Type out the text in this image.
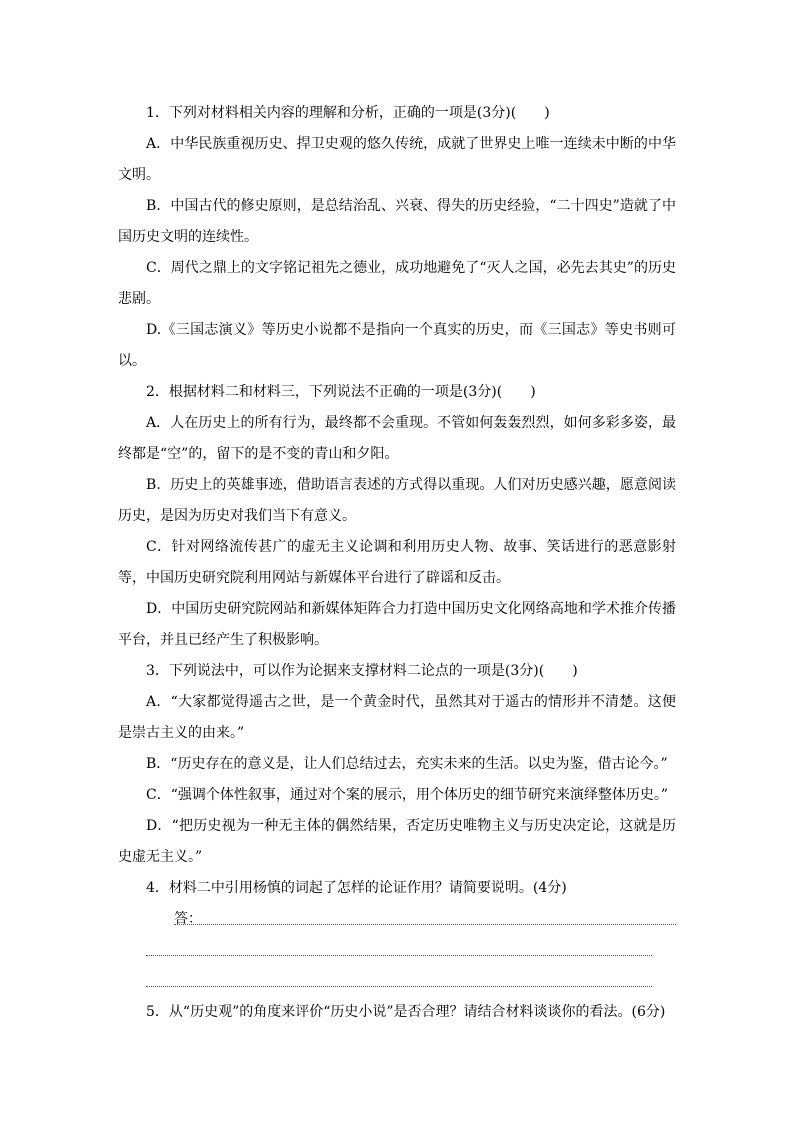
1．下列对材料相关内容的理解和分析，正确的一项是(3分)(　　)

A．中华民族重视历史、捍卫史观的悠久传统，成就了世界史上唯一连续未中断的中华文明。

B．中国古代的修史原则，是总结治乱、兴衰、得失的历史经验，“二十四史”造就了中国历史文明的连续性。

C．周代之鼎上的文字铭记祖先之德业，成功地避免了“灭人之国，必先去其史”的历史悲剧。

D.《三国志演义》等历史小说都不是指向一个真实的历史，而《三国志》等史书则可以。

2．根据材料二和材料三，下列说法不正确的一项是(3分)(　　)

A．人在历史上的所有行为，最终都不会重现。不管如何轰轰烈烈，如何多彩多姿，最终都是“空”的，留下的是不变的青山和夕阳。

B．历史上的英雄事迹，借助语言表述的方式得以重现。人们对历史感兴趣，愿意阅读历史，是因为历史对我们当下有意义。

C．针对网络流传甚广的虚无主义论调和利用历史人物、故事、笑话进行的恶意影射等，中国历史研究院利用网站与新媒体平台进行了辟谣和反击。

D．中国历史研究院网站和新媒体矩阵合力打造中国历史文化网络高地和学术推介传播平台，并且已经产生了积极影响。

3．下列说法中，可以作为论据来支撑材料二论点的一项是(3分)(　　)

A．“大家都觉得遥古之世，是一个黄金时代，虽然其对于遥古的情形并不清楚。这便是崇古主义的由来。”

B．“历史存在的意义是，让人们总结过去，充实未来的生活。以史为鉴，借古论今。”

C．“强调个体性叙事，通过对个案的展示，用个体历史的细节研究来演绎整体历史。”

D．“把历史视为一种无主体的偶然结果，否定历史唯物主义与历史决定论，这就是历史虚无主义。”

4．材料二中引用杨慎的词起了怎样的论证作用？请简要说明。(4分)

答：

5．从“历史观”的角度来评价“历史小说”是否合理？请结合材料谈谈你的看法。(6分)
